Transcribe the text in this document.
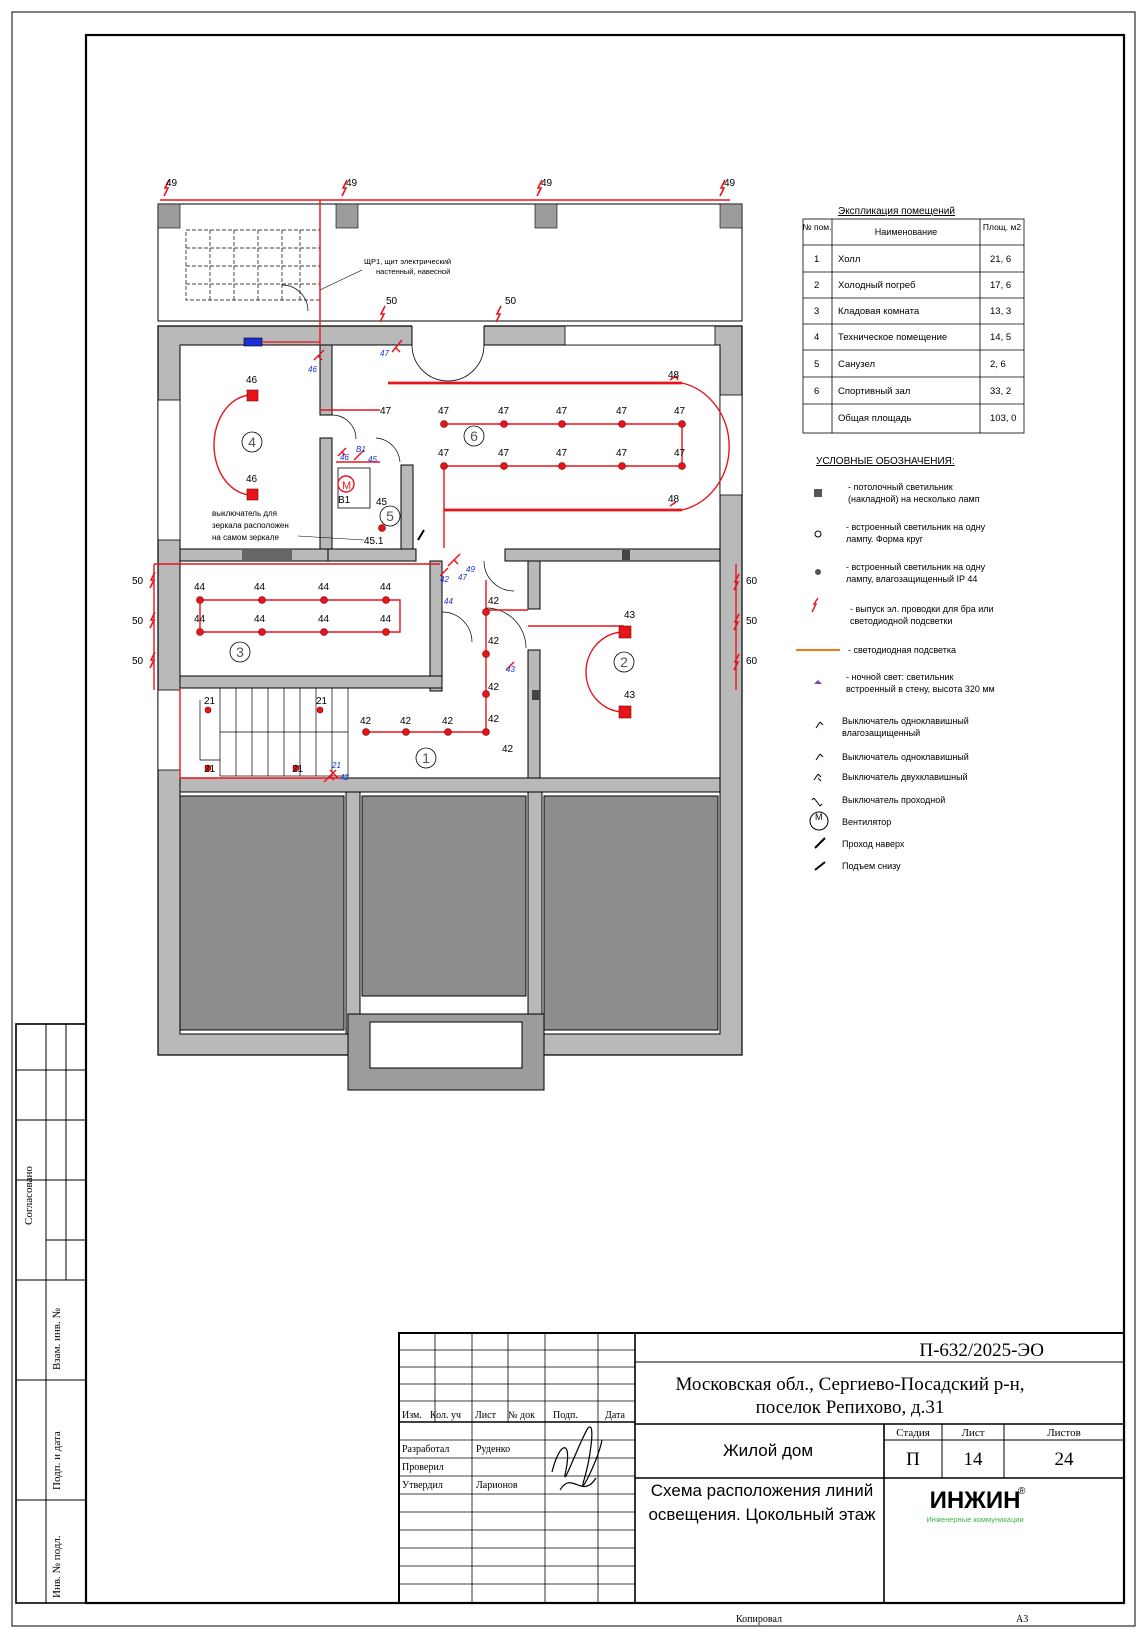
Согласовано
Взам. инв. №
Подп. и дата
Инв. № подл.
M
1
2
3
4
5
6
49	49	49	49
50	50
50
50
50
60
50
60
47	47	47	47	47	47
47	47	47	47	47
48
48
46
46
45
45.1
В1
44	44	44	44
44	44	44	44	43
43
42
42
42
42
42	42	42
42
21	21
21	21
46
47
В1
45
46
49
42 47
44
43
21
42
ЩР1, щит электрический
настенный, навесной
выключатель для
зеркала расположен
на самом зеркале
Экспликация помещений
№ пом.	Наименование	Площ. м2
1 Холл	21, 6
2 Холодный погреб	17, 6
3 Кладовая комната	13, 3
4 Техническое помещение	14, 5
5 Санузел	2, 6
6 Спортивный зал	33, 2
Общая площадь	103, 0
УСЛОВНЫЕ ОБОЗНАЧЕНИЯ:
M
- потолочный светильник
(накладной) на несколько ламп
- встроенный светильник на одну
лампу. Форма круг
- встроенный светильник на одну
лампу, влагозащищенный IP 44
- выпуск эл. проводки для бра или
светодиодной подсветки
- светодиодная подсветка
- ночной свет: светильник
встроенный в стену, высота 320 мм
Выключатель одноклавишный
влагозащищенный
Выключатель одноклавишный
Выключатель двухклавишный
Выключатель проходной
Вентилятор
Проход наверх
Подъем снизу
Изм. Кол. уч Лист № док Подп.	Дата
Разработал	Руденко
Проверил
Утвердил	Ларионов
П-632/2025-ЭО
Московская обл., Сергиево-Посадский р-н,
поселок Репихово, д.31
Жилой дом
Схема расположения линий
освещения. Цокольный этаж
Стадия	Лист	Листов
П 14	24
ИНЖИН
®
Инженерные коммуникации
Копировал	А3
